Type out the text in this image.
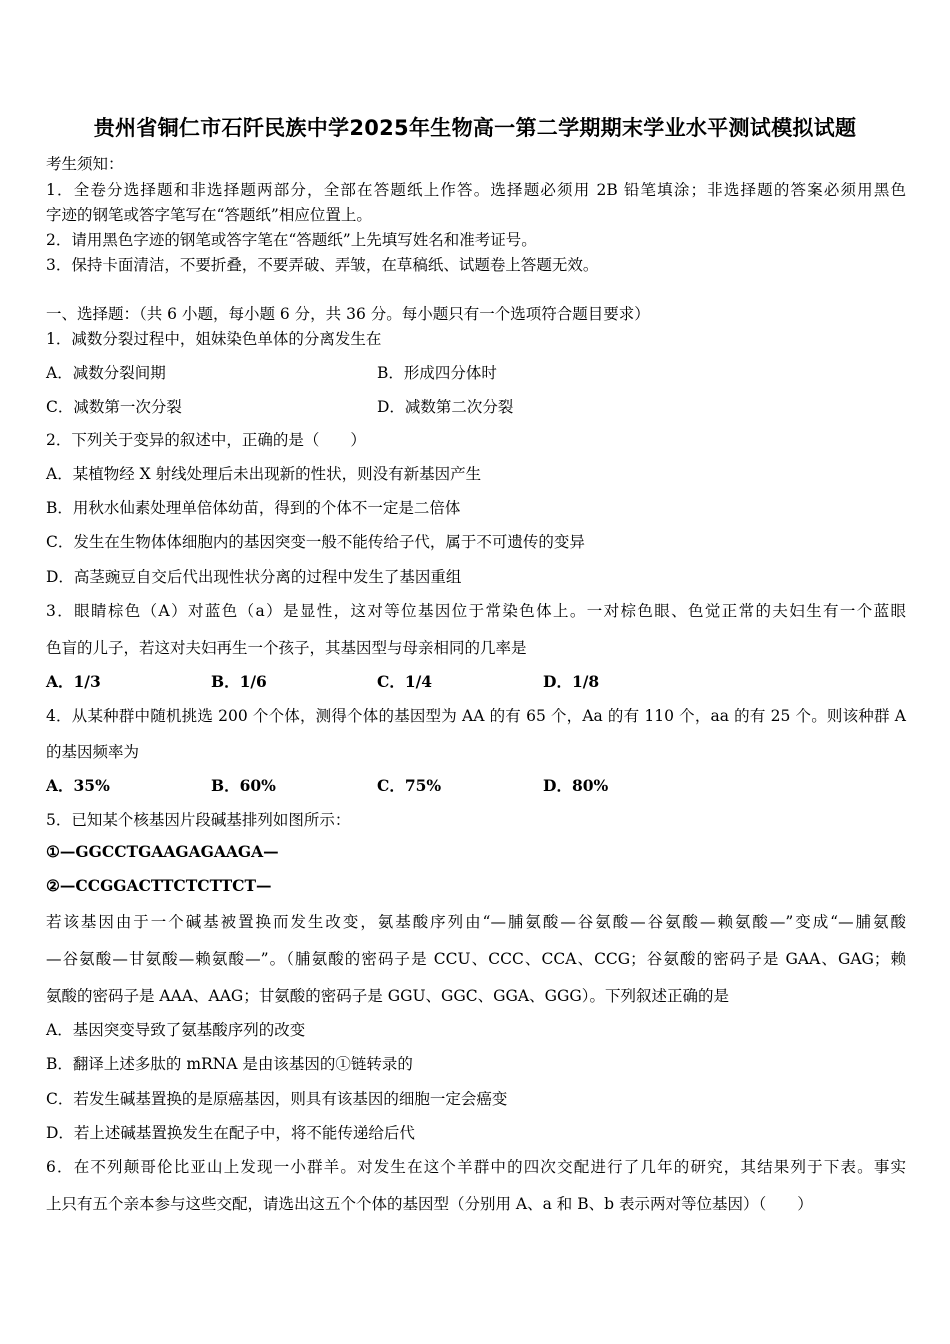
贵州省铜仁市石阡民族中学2025年生物高一第二学期期末学业水平测试模拟试题
考生须知：
1．全卷分选择题和非选择题两部分，全部在答题纸上作答。选择题必须用 2B 铅笔填涂；非选择题的答案必须用黑色
字迹的钢笔或答字笔写在“答题纸”相应位置上。
2．请用黑色字迹的钢笔或答字笔在“答题纸”上先填写姓名和准考证号。
3．保持卡面清洁，不要折叠，不要弄破、弄皱，在草稿纸、试题卷上答题无效。
一、选择题：（共 6 小题，每小题 6 分，共 36 分。每小题只有一个选项符合题目要求）
1．减数分裂过程中，姐妹染色单体的分离发生在
A．减数分裂间期	B．形成四分体时
C．减数第一次分裂	D．减数第二次分裂
2．下列关于变异的叙述中，正确的是（　　）
A．某植物经 X 射线处理后未出现新的性状，则没有新基因产生
B．用秋水仙素处理单倍体幼苗，得到的个体不一定是二倍体
C．发生在生物体体细胞内的基因突变一般不能传给子代，属于不可遗传的变异
D．高茎豌豆自交后代出现性状分离的过程中发生了基因重组
3．眼睛棕色（A）对蓝色（a）是显性，这对等位基因位于常染色体上。一对棕色眼、色觉正常的夫妇生有一个蓝眼
色盲的儿子，若这对夫妇再生一个孩子，其基因型与母亲相同的几率是
A．1/3	B．1/6	C．1/4	D．1/8
4．从某种群中随机挑选 200 个个体，测得个体的基因型为 AA 的有 65 个，Aa 的有 110 个，aa 的有 25 个。则该种群 A
的基因频率为
A．35%	B．60%	C．75%	D．80%
5．已知某个核基因片段碱基排列如图所示：
①—GGCCTGAAGAGAAGA—
②—CCGGACTTCTCTTCT—
若该基因由于一个碱基被置换而发生改变，氨基酸序列由“—脯氨酸—谷氨酸—谷氨酸—赖氨酸—”变成“—脯氨酸
—谷氨酸—甘氨酸—赖氨酸—”。（脯氨酸的密码子是 CCU、CCC、CCA、CCG；谷氨酸的密码子是 GAA、GAG；赖
氨酸的密码子是 AAA、AAG；甘氨酸的密码子是 GGU、GGC、GGA、GGG）。下列叙述正确的是
A．基因突变导致了氨基酸序列的改变
B．翻译上述多肽的 mRNA 是由该基因的①链转录的
C．若发生碱基置换的是原癌基因，则具有该基因的细胞一定会癌变
D．若上述碱基置换发生在配子中，将不能传递给后代
6．在不列颠哥伦比亚山上发现一小群羊。对发生在这个羊群中的四次交配进行了几年的研究，其结果列于下表。事实
上只有五个亲本参与这些交配，请选出这五个个体的基因型（分别用 A、a 和 B、b 表示两对等位基因）（　　）
